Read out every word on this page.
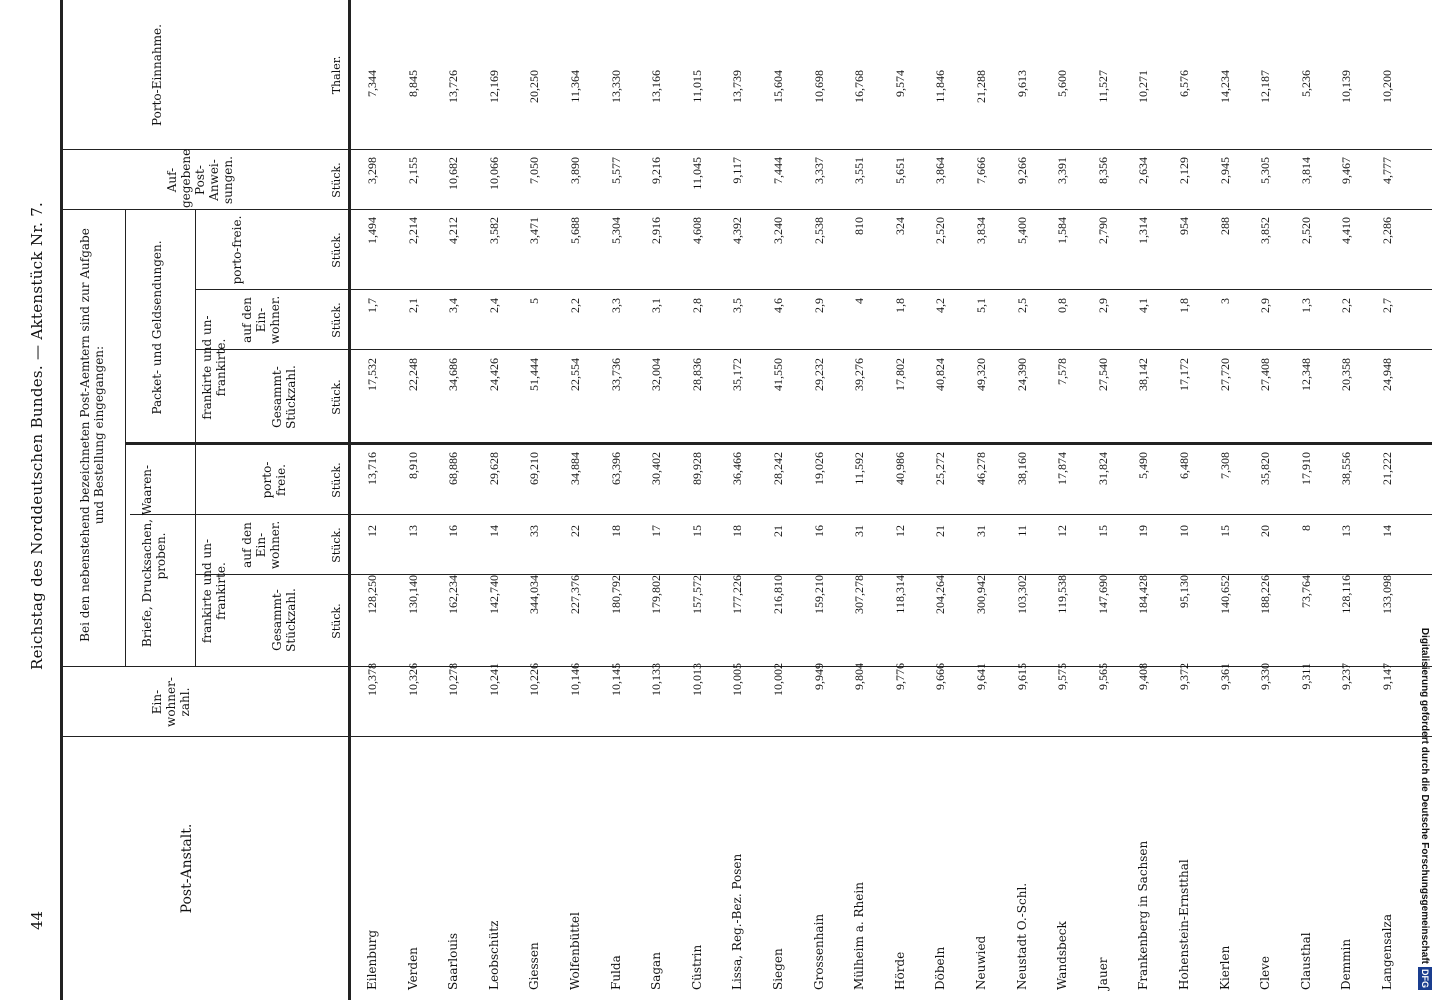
44
Reichstag des Norddeutschen Bundes. — Aktenstück Nr. 7.
Post-Anstalt.
Ein-wohner-zahl.
Bei den nebenstehend bezeichneten Post-Aemtern sind zur Aufgabe und Bestellung eingegangen:
Briefe, Drucksachen, Waaren-proben.
Packet- und Geldsendungen.
frankirte und un-frankirte.
frankirte und un-frankirte.
Gesammt-Stückzahl.
auf den Ein-wohner.
porto-freie.
Gesammt-Stückzahl.
auf den Ein-wohner.
porto-freie.
Auf-gegebene Post-Anwei-sungen.
Porto-Einnahme.
Stück.
Stück.
Stück.
Stück.
Stück.
Stück.
Stück.
Thaler.
Eilenburg
10,378
128,250
12
13,716
17,532
1,7
1,494
3,298
7,344
Verden
10,326
130,140
13
8,910
22,248
2,1
2,214
2,155
8,845
Saarlouis
10,278
162,234
16
68,886
34,686
3,4
4,212
10,682
13,726
Leobschütz
10,241
142,740
14
29,628
24,426
2,4
3,582
10,066
12,169
Giessen
10,226
344,034
33
69,210
51,444
5
3,471
7,050
20,250
Wolfenbüttel
10,146
227,376
22
34,884
22,554
2,2
5,688
3,890
11,364
Fulda
10,145
180,792
18
63,396
33,736
3,3
5,304
5,577
13,330
Sagan
10,133
179,802
17
30,402
32,004
3,1
2,916
9,216
13,166
Cüstrin
10,013
157,572
15
89,928
28,836
2,8
4,608
11,045
11,015
Lissa, Reg.-Bez. Posen
10,005
177,226
18
36,466
35,172
3,5
4,392
9,117
13,739
Siegen
10,002
216,810
21
28,242
41,550
4,6
3,240
7,444
15,604
Grossenhain
9,949
159,210
16
19,026
29,232
2,9
2,538
3,337
10,698
Mülheim a. Rhein
9,804
307,278
31
11,592
39,276
4
810
3,551
16,768
Hörde
9,776
118,314
12
40,986
17,802
1,8
324
5,651
9,574
Döbeln
9,666
204,264
21
25,272
40,824
4,2
2,520
3,864
11,846
Neuwied
9,641
300,942
31
46,278
49,320
5,1
3,834
7,666
21,288
Neustadt O.-Schl.
9,615
103,302
11
38,160
24,390
2,5
5,400
9,266
9,613
Wandsbeck
9,575
119,538
12
17,874
7,578
0,8
1,584
3,391
5,600
Jauer
9,565
147,690
15
31,824
27,540
2,9
2,790
8,356
11,527
Frankenberg in Sachsen
9,408
184,428
19
5,490
38,142
4,1
1,314
2,634
10,271
Hohenstein-Ernstthal
9,372
95,130
10
6,480
17,172
1,8
954
2,129
6,576
Kierlen
9,361
140,652
15
7,308
27,720
3
288
2,945
14,234
Cleve
9,330
188,226
20
35,820
27,408
2,9
3,852
5,305
12,187
Clausthal
9,311
73,764
8
17,910
12,348
1,3
2,520
3,814
5,236
Demmin
9,237
128,116
13
38,556
20,358
2,2
4,410
9,467
10,139
Langensalza
9,147
133,098
14
21,222
24,948
2,7
2,286
4,777
10,200
Digitalisierung gefördert durch die Deutsche ForschungsgemeinschaftDFG
